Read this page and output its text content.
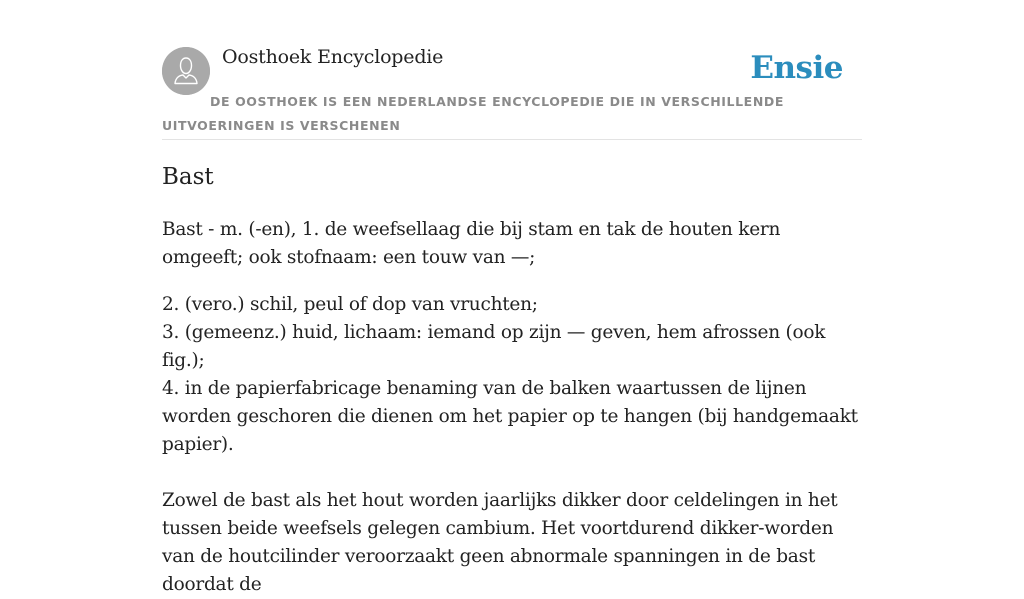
Oosthoek Encyclopedie	Ensie
DE OOSTHOEK IS EEN NEDERLANDSE ENCYCLOPEDIE DIE IN VERSCHILLENDE UITVOERINGEN IS VERSCHENEN
Bast

Bast - m. (-en), 1. de weefsellaag die bij stam en tak de houten kern omgeeft; ook stofnaam: een touw van —;

2. (vero.) schil, peul of dop van vruchten;
3. (gemeenz.) huid, lichaam: iemand op zijn — geven, hem afrossen (ook fig.);
4. in de papierfabricage benaming van de balken waartussen de lijnen worden geschoren die dienen om het papier op te hangen (bij handgemaakt papier).

Zowel de bast als het hout worden jaarlijks dikker door celdelingen in het tussen beide weefsels gelegen cambium. Het voortdurend dikker-worden van de houtcilinder veroorzaakt geen abnormale spanningen in de bast doordat de
